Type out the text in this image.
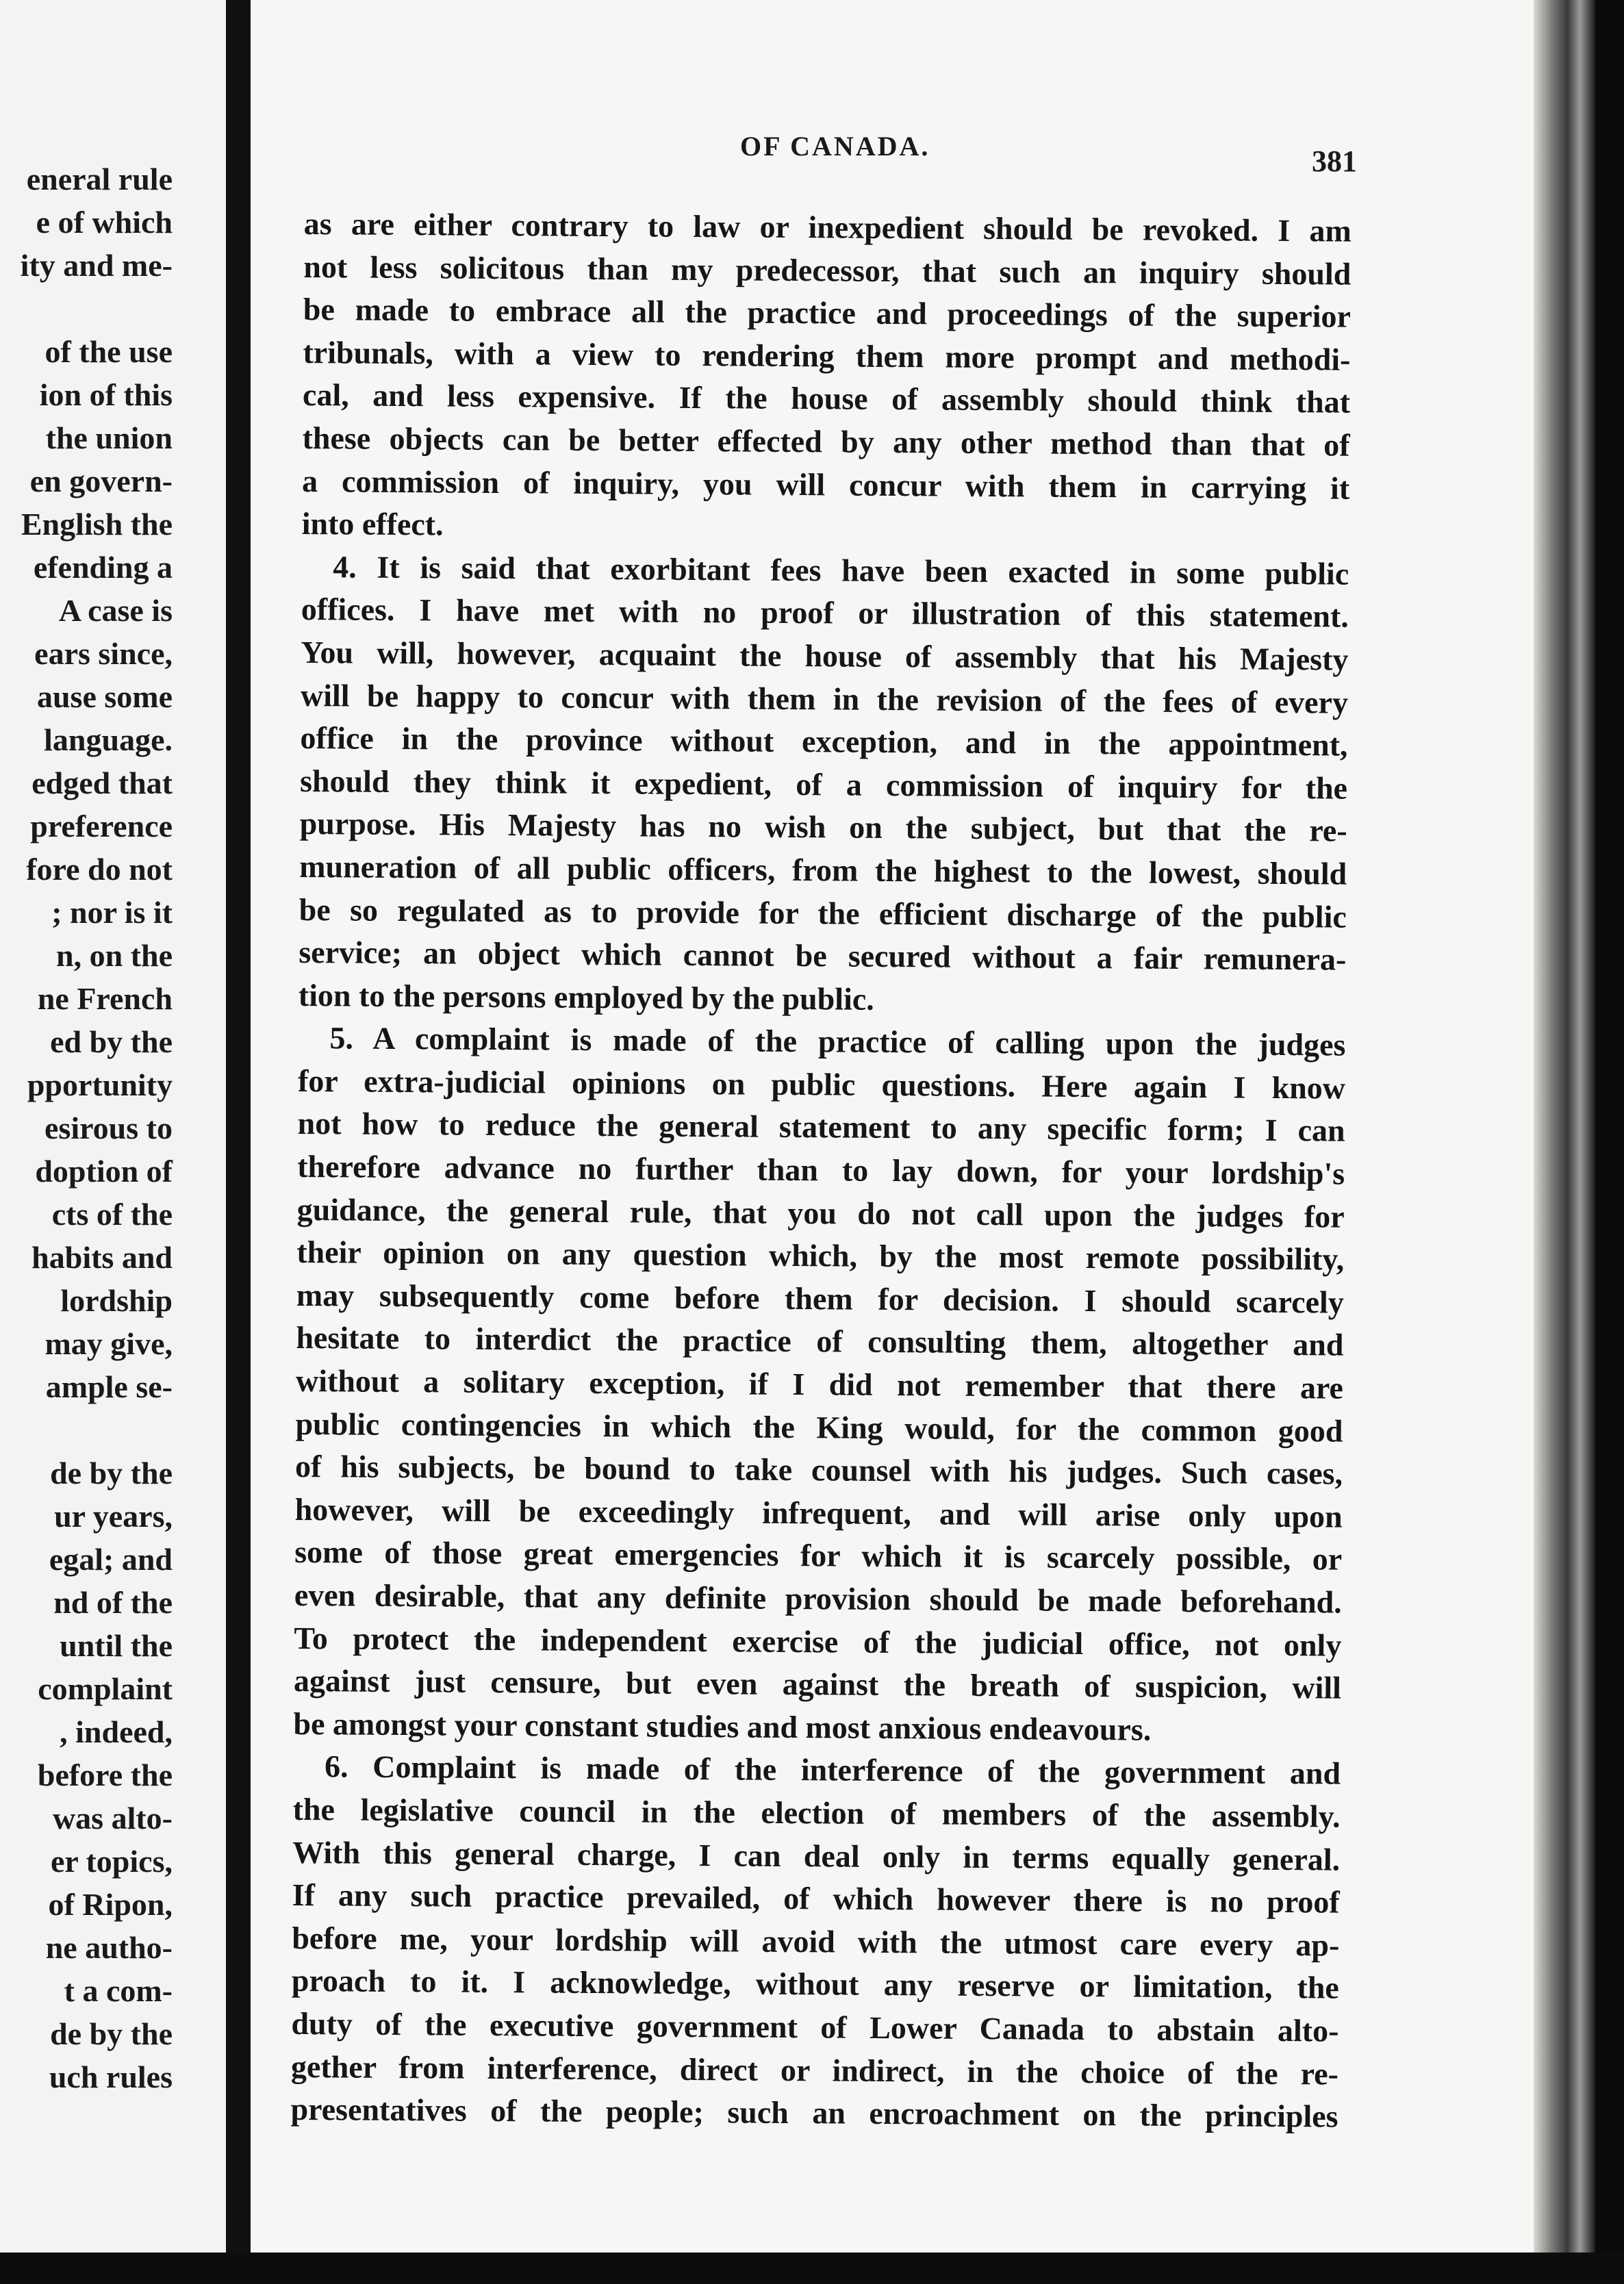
eneral rule
e of which
ity and me-
of the use
ion of this
the union
en govern-
English the
efending a
A case is
ears since,
ause some
language.
edged that
preference
fore do not
; nor is it
n, on the
ne French
ed by the
pportunity
esirous to
doption of
cts of the
habits and
lordship
may give,
ample se-
de by the
ur years,
egal; and
nd of the
until the
complaint
, indeed,
before the
was alto-
er topics,
of Ripon,
ne autho-
t a com-
de by the
uch rules
OF CANADA.	381
as are either contrary to law or inexpedient should be revoked. I am
not less solicitous than my predecessor, that such an inquiry should
be made to embrace all the practice and proceedings of the superior
tribunals, with a view to rendering them more prompt and methodi-
cal, and less expensive. If the house of assembly should think that
these objects can be better effected by any other method than that of
a commission of inquiry, you will concur with them in carrying it
into effect.
4. It is said that exorbitant fees have been exacted in some public
offices. I have met with no proof or illustration of this statement.
You will, however, acquaint the house of assembly that his Majesty
will be happy to concur with them in the revision of the fees of every
office in the province without exception, and in the appointment,
should they think it expedient, of a commission of inquiry for the
purpose. His Majesty has no wish on the subject, but that the re-
muneration of all public officers, from the highest to the lowest, should
be so regulated as to provide for the efficient discharge of the public
service; an object which cannot be secured without a fair remunera-
tion to the persons employed by the public.
5. A complaint is made of the practice of calling upon the judges
for extra-judicial opinions on public questions. Here again I know
not how to reduce the general statement to any specific form; I can
therefore advance no further than to lay down, for your lordship's
guidance, the general rule, that you do not call upon the judges for
their opinion on any question which, by the most remote possibility,
may subsequently come before them for decision. I should scarcely
hesitate to interdict the practice of consulting them, altogether and
without a solitary exception, if I did not remember that there are
public contingencies in which the King would, for the common good
of his subjects, be bound to take counsel with his judges. Such cases,
however, will be exceedingly infrequent, and will arise only upon
some of those great emergencies for which it is scarcely possible, or
even desirable, that any definite provision should be made beforehand.
To protect the independent exercise of the judicial office, not only
against just censure, but even against the breath of suspicion, will
be amongst your constant studies and most anxious endeavours.
6. Complaint is made of the interference of the government and
the legislative council in the election of members of the assembly.
With this general charge, I can deal only in terms equally general.
If any such practice prevailed, of which however there is no proof
before me, your lordship will avoid with the utmost care every ap-
proach to it. I acknowledge, without any reserve or limitation, the
duty of the executive government of Lower Canada to abstain alto-
gether from interference, direct or indirect, in the choice of the re-
presentatives of the people; such an encroachment on the principles
